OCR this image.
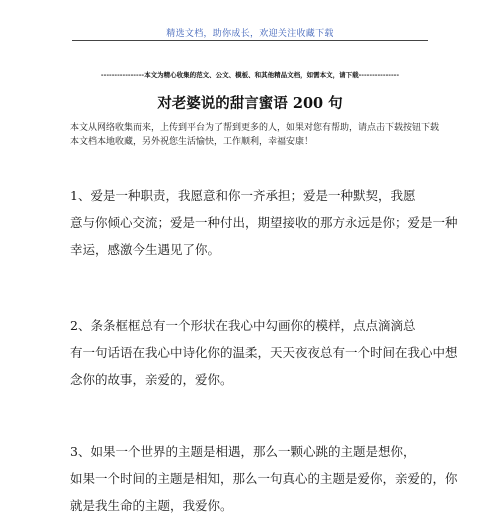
精选文档，助你成长，欢迎关注收藏下载
----------------本文为精心收集的范文、公文、模板、和其他精品文档，如需本文，请下载---------------
对老婆说的甜言蜜语 200 句
本文从网络收集而来，上传到平台为了帮到更多的人，如果对您有帮助，请点击下载按钮下载
本文档本地收藏，另外祝您生活愉快，工作顺利，幸福安康！
1、爱是一种职责，我愿意和你一齐承担；爱是一种默契，我愿
意与你倾心交流；爱是一种付出，期望接收的那方永远是你；爱是一种
幸运，感激今生遇见了你。
2、条条框框总有一个形状在我心中勾画你的模样，点点滴滴总
有一句话语在我心中诗化你的温柔，天天夜夜总有一个时间在我心中想
念你的故事，亲爱的，爱你。
3、如果一个世界的主题是相遇，那么一颗心跳的主题是想你，
如果一个时间的主题是相知，那么一句真心的主题是爱你，亲爱的，你
就是我生命的主题，我爱你。
